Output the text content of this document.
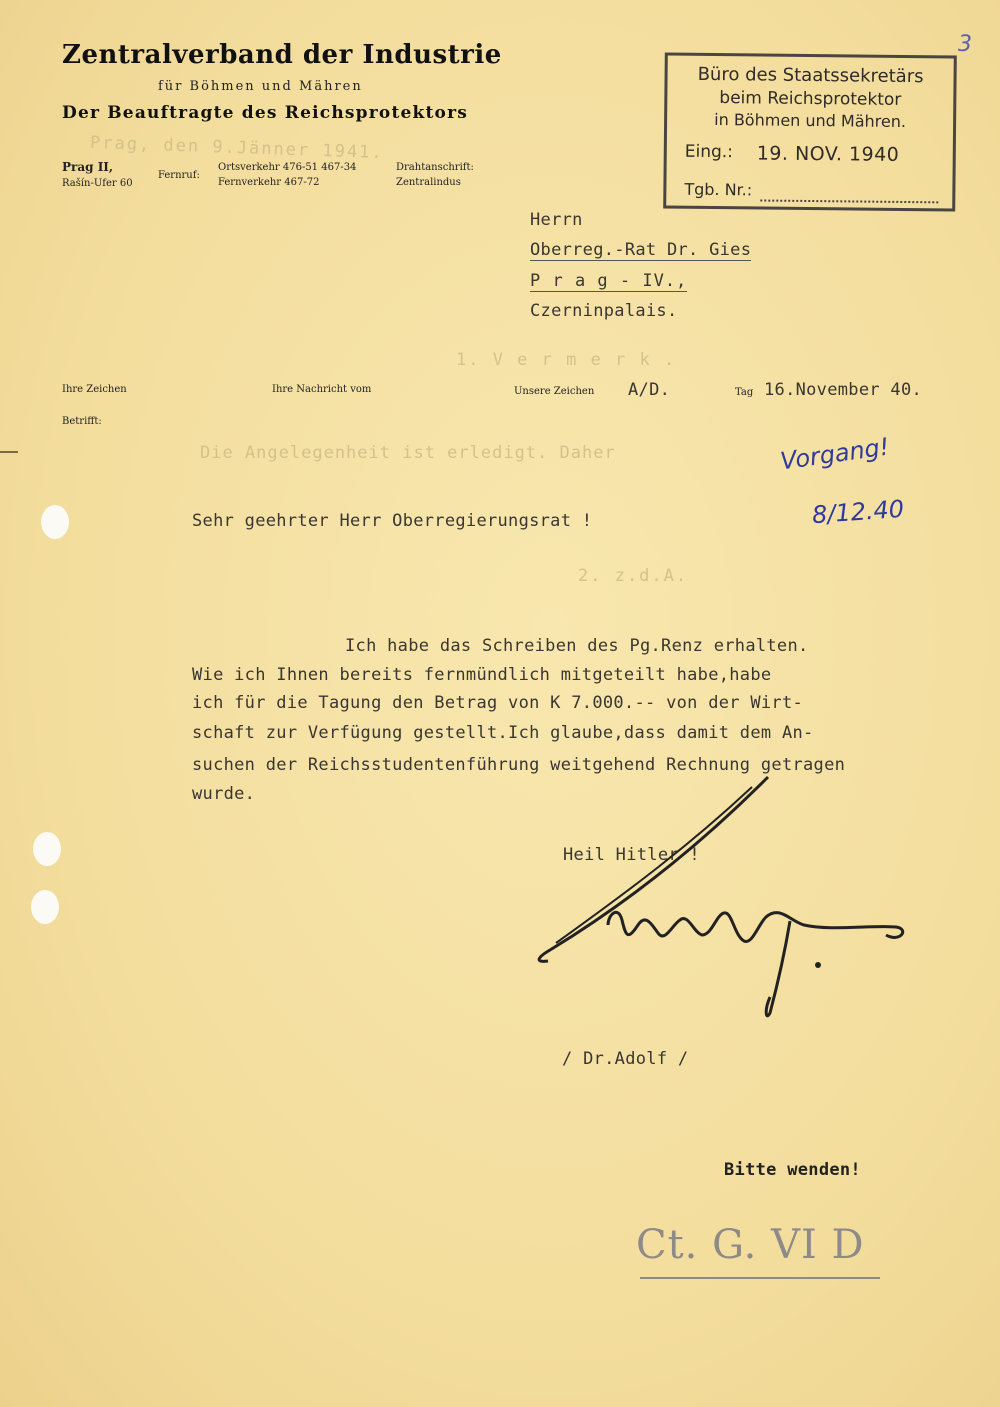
Zentralverband der Industrie
für Böhmen und Mähren
Der Beauftragte des Reichsprotektors
Prag II,
Rašín-Ufer 60
Fernruf:
Ortsverkehr 476-51 467-34
Fernverkehr 467-72
Drahtanschrift:
Zentralindus
Prag, den 9.Jänner 1941.
Büro des Staatssekretärs
beim Reichsprotektor
in Böhmen und Mähren.
Eing.: 19. NOV. 1940
Tgb. Nr.:
3
Herrn
Oberreg.-Rat Dr. Gies
P r a g - IV.,
Czerninpalais.
1. V e r m e r k .
Ihre Zeichen	Ihre Nachricht vom	Unsere Zeichen A/D.	Tag 16.November 40.
Betrifft:
Die Angelegenheit ist erledigt. Daher	Vorgang!
8/12.40
Sehr geehrter Herr Oberregierungsrat !
2. z.d.A.
Ich habe das Schreiben des Pg.Renz erhalten.
Wie ich Ihnen bereits fernmündlich mitgeteilt habe,habe
ich für die Tagung den Betrag von K 7.000.-- von der Wirt-
schaft zur Verfügung gestellt.Ich glaube,dass damit dem An-
suchen der Reichsstudentenführung weitgehend Rechnung getragen
wurde.
Heil Hitler !
/ Dr.Adolf /
Bitte wenden!
Ct. G. VI D
